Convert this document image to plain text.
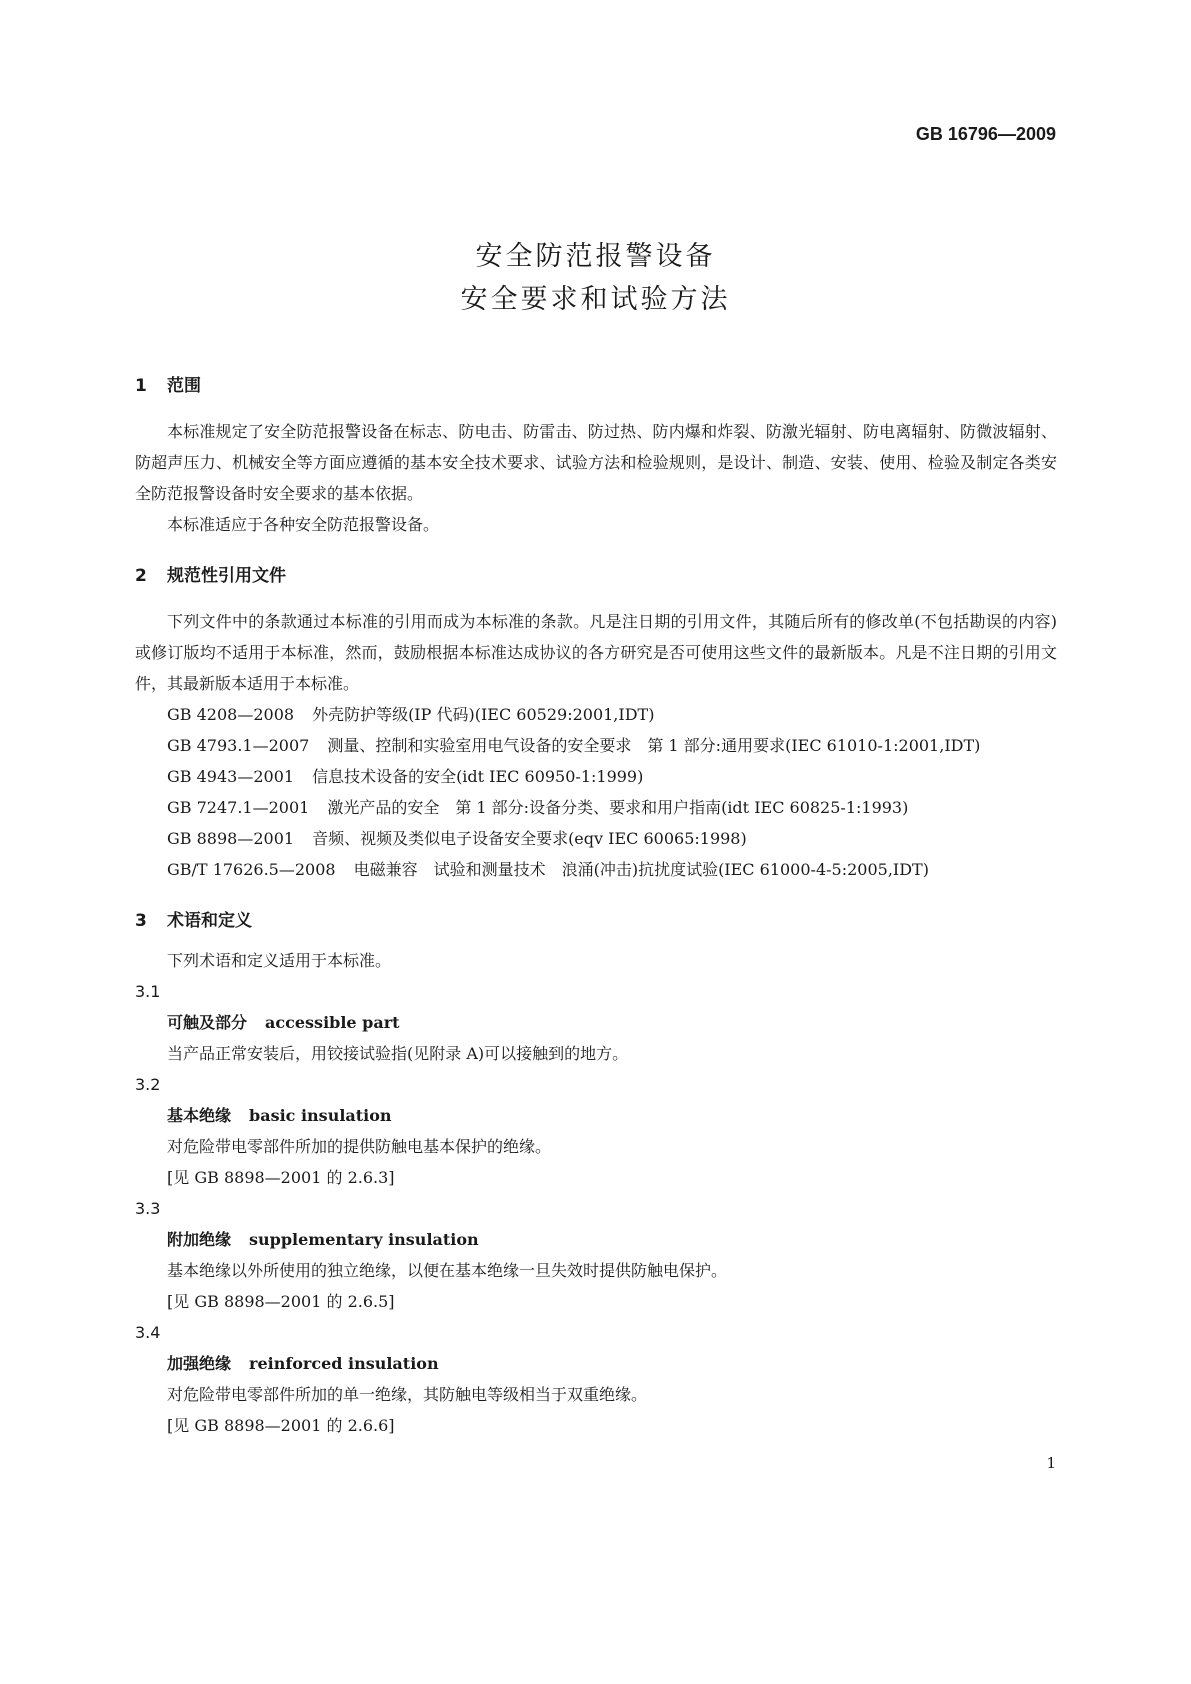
GB 16796—2009
安全防范报警设备
安全要求和试验方法
1 范围

本标准规定了安全防范报警设备在标志、防电击、防雷击、防过热、防内爆和炸裂、防激光辐射、防电离辐射、防微波辐射、防超声压力、机械安全等方面应遵循的基本安全技术要求、试验方法和检验规则，是设计、制造、安装、使用、检验及制定各类安全防范报警设备时安全要求的基本依据。

本标准适应于各种安全防范报警设备。

2 规范性引用文件

下列文件中的条款通过本标准的引用而成为本标准的条款。凡是注日期的引用文件，其随后所有的修改单(不包括勘误的内容)或修订版均不适用于本标准，然而，鼓励根据本标准达成协议的各方研究是否可使用这些文件的最新版本。凡是不注日期的引用文件，其最新版本适用于本标准。

GB 4208—2008 外壳防护等级(IP 代码)(IEC 60529:2001,IDT)

GB 4793.1—2007 测量、控制和实验室用电气设备的安全要求　第 1 部分:通用要求(IEC 61010-1:2001,IDT)

GB 4943—2001 信息技术设备的安全(idt IEC 60950-1:1999)

GB 7247.1—2001 激光产品的安全　第 1 部分:设备分类、要求和用户指南(idt IEC 60825-1:1993)

GB 8898—2001 音频、视频及类似电子设备安全要求(eqv IEC 60065:1998)

GB/T 17626.5—2008 电磁兼容　试验和测量技术　浪涌(冲击)抗扰度试验(IEC 61000-4-5:2005,IDT)

3 术语和定义

下列术语和定义适用于本标准。

3.1

可触及部分 accessible part

当产品正常安装后，用铰接试验指(见附录 A)可以接触到的地方。

3.2

基本绝缘 basic insulation

对危险带电零部件所加的提供防触电基本保护的绝缘。

[见 GB 8898—2001 的 2.6.3]

3.3

附加绝缘 supplementary insulation

基本绝缘以外所使用的独立绝缘，以便在基本绝缘一旦失效时提供防触电保护。

[见 GB 8898—2001 的 2.6.5]

3.4

加强绝缘 reinforced insulation

对危险带电零部件所加的单一绝缘，其防触电等级相当于双重绝缘。

[见 GB 8898—2001 的 2.6.6]

1
